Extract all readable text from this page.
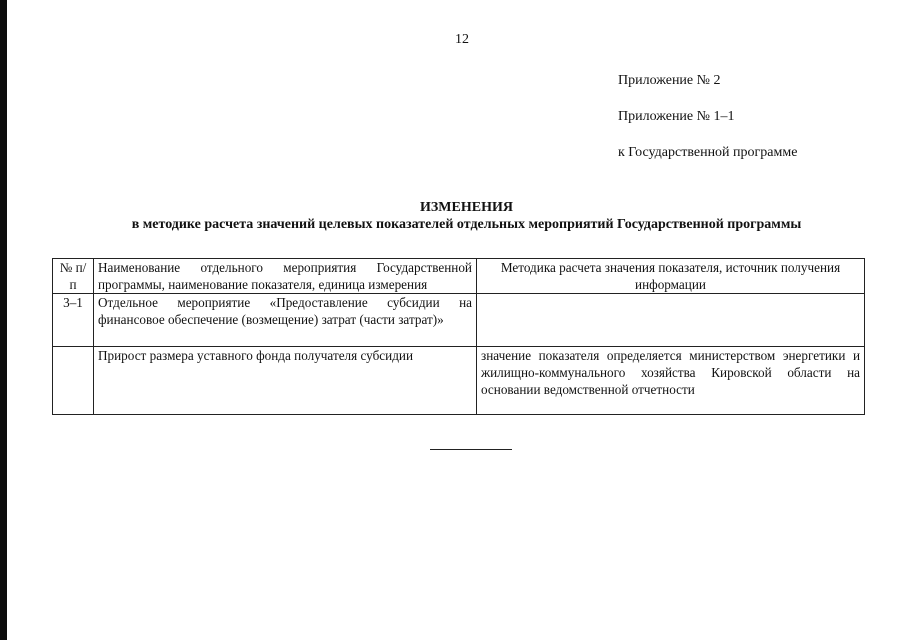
12
Приложение № 2
Приложение № 1–1
к Государственной программе
ИЗМЕНЕНИЯ
в методике расчета значений целевых показателей отдельных мероприятий Государственной программы
№ п/п	Наименование отдельного мероприятия Государственной программы, наименование показателя, единица измерения	Методика расчета значения показателя, источник получения информации
3–1	Отдельное мероприятие «Предоставление субсидии на финансовое обеспечение (возмещение) затрат (части затрат)»	
	Прирост размера уставного фонда получателя субсидии	значение показателя определяется министерством энергетики и жилищно-коммунального хозяйства Кировской области на основании ведомственной отчетности
